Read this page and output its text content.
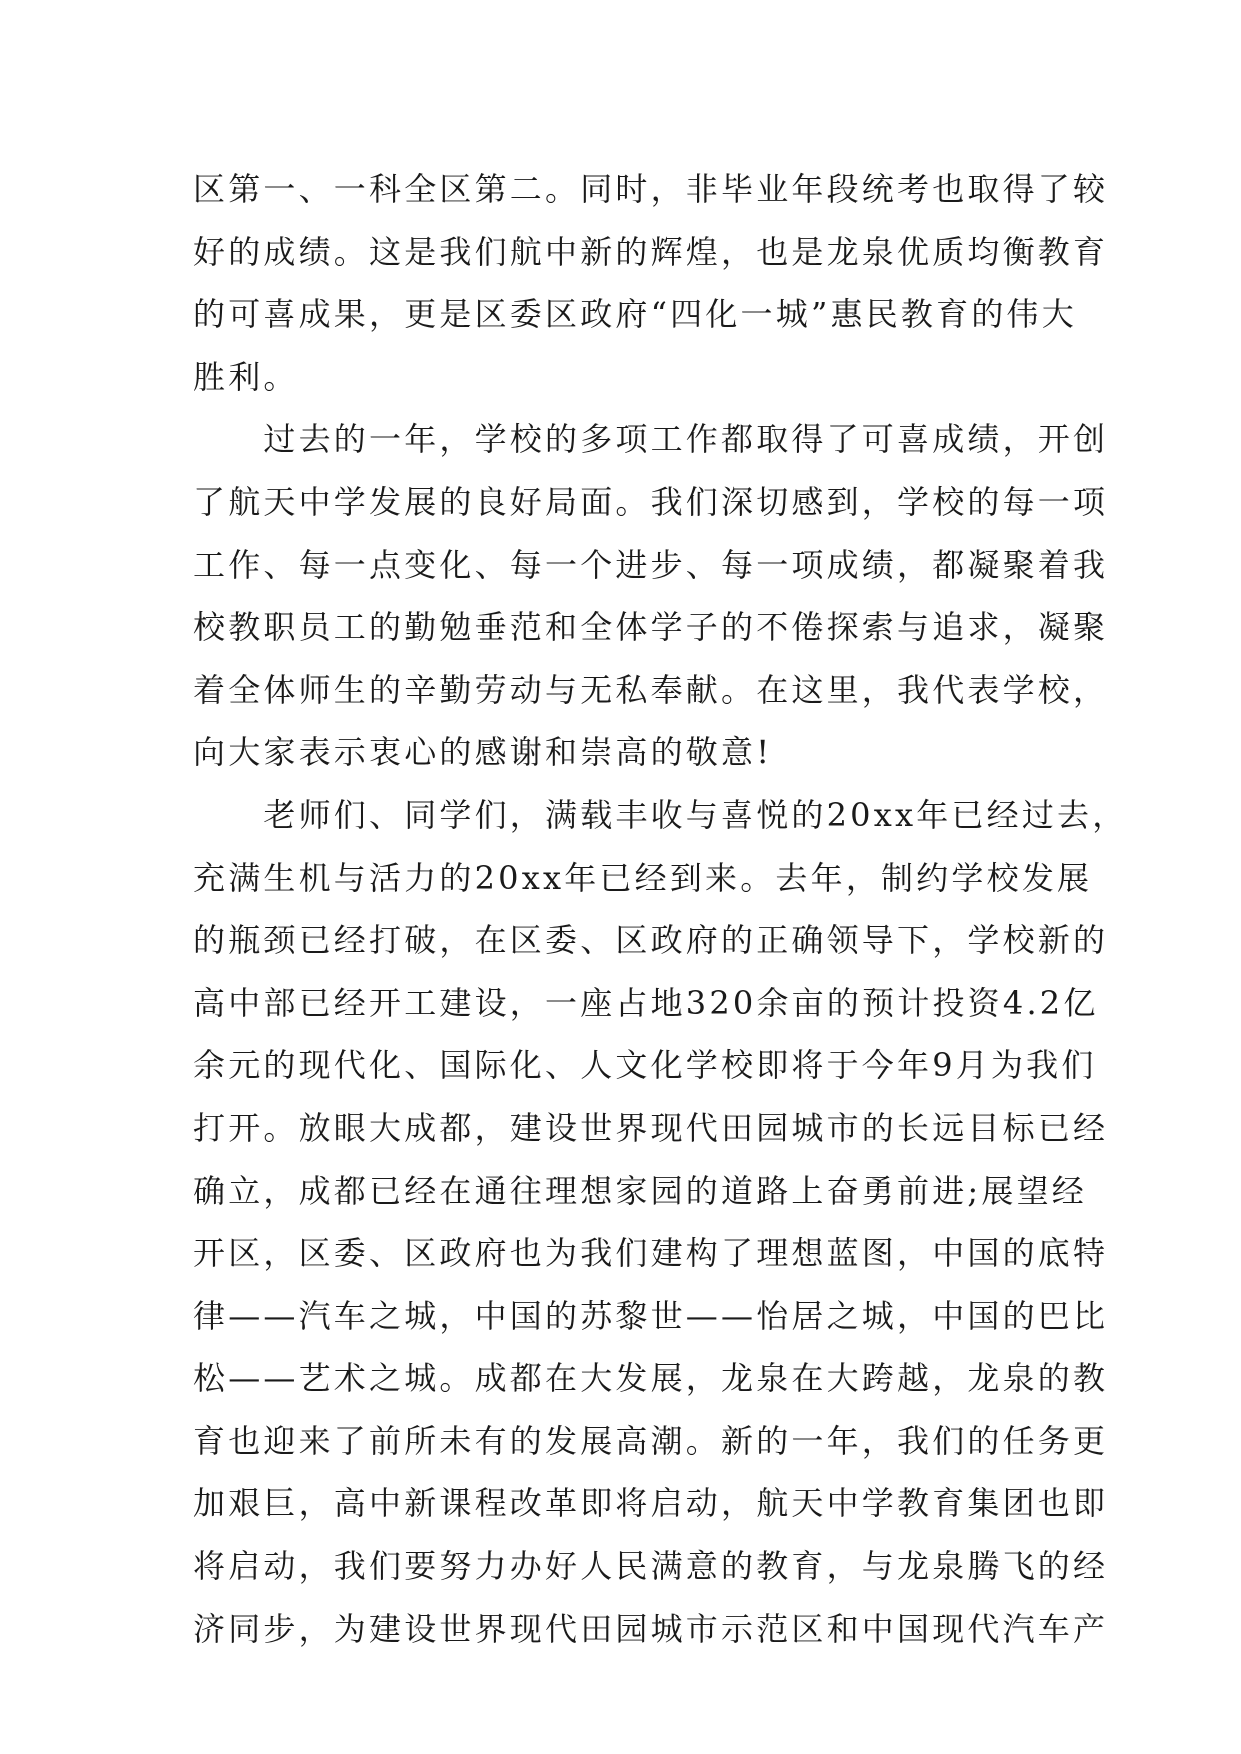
区第一、一科全区第二。同时，非毕业年段统考也取得了较
好的成绩。这是我们航中新的辉煌，也是龙泉优质均衡教育
的可喜成果，更是区委区政府“四化一城”惠民教育的伟大
胜利。
　　过去的一年，学校的多项工作都取得了可喜成绩，开创
了航天中学发展的良好局面。我们深切感到，学校的每一项
工作、每一点变化、每一个进步、每一项成绩，都凝聚着我
校教职员工的勤勉垂范和全体学子的不倦探索与追求，凝聚
着全体师生的辛勤劳动与无私奉献。在这里，我代表学校，
向大家表示衷心的感谢和崇高的敬意!
　　老师们、同学们，满载丰收与喜悦的20xx年已经过去，
充满生机与活力的20xx年已经到来。去年，制约学校发展
的瓶颈已经打破，在区委、区政府的正确领导下，学校新的
高中部已经开工建设，一座占地320余亩的预计投资4.2亿
余元的现代化、国际化、人文化学校即将于今年9月为我们
打开。放眼大成都，建设世界现代田园城市的长远目标已经
确立，成都已经在通往理想家园的道路上奋勇前进;展望经
开区，区委、区政府也为我们建构了理想蓝图，中国的底特
律——汽车之城，中国的苏黎世——怡居之城，中国的巴比
松——艺术之城。成都在大发展，龙泉在大跨越，龙泉的教
育也迎来了前所未有的发展高潮。新的一年，我们的任务更
加艰巨，高中新课程改革即将启动，航天中学教育集团也即
将启动，我们要努力办好人民满意的教育，与龙泉腾飞的经
济同步，为建设世界现代田园城市示范区和中国现代汽车产
